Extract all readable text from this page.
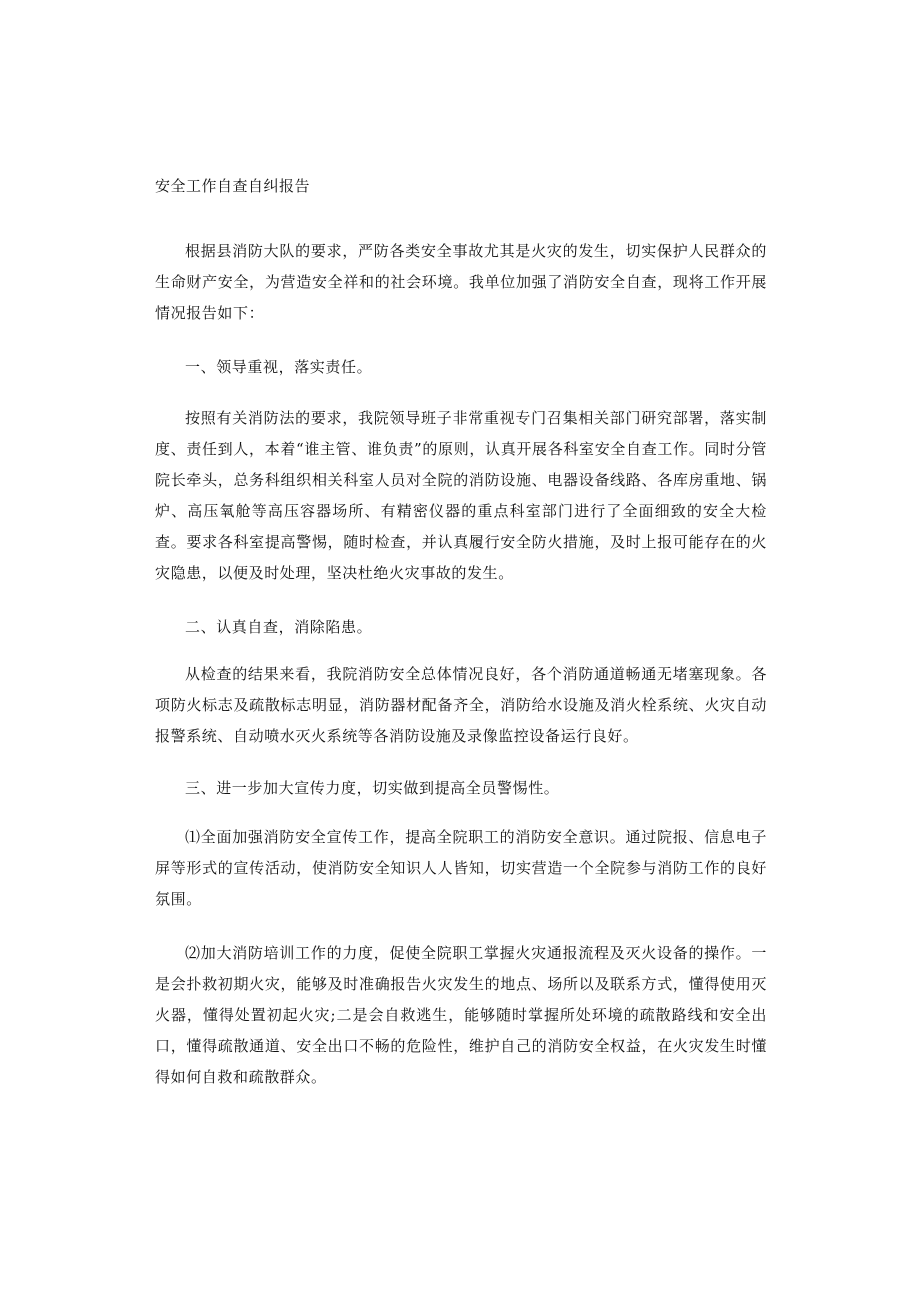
安全工作自查自纠报告

根据县消防大队的要求，严防各类安全事故尤其是火灾的发生，切实保护人民群众的生命财产安全，为营造安全祥和的社会环境。我单位加强了消防安全自查，现将工作开展情况报告如下：

一、领导重视，落实责任。

按照有关消防法的要求，我院领导班子非常重视专门召集相关部门研究部署，落实制度、责任到人，本着“谁主管、谁负责”的原则，认真开展各科室安全自查工作。同时分管院长牵头，总务科组织相关科室人员对全院的消防设施、电器设备线路、各库房重地、锅炉、高压氧舱等高压容器场所、有精密仪器的重点科室部门进行了全面细致的安全大检查。要求各科室提高警惕，随时检查，并认真履行安全防火措施，及时上报可能存在的火灾隐患，以便及时处理，坚决杜绝火灾事故的发生。

二、认真自查，消除陷患。

从检查的结果来看，我院消防安全总体情况良好，各个消防通道畅通无堵塞现象。各项防火标志及疏散标志明显，消防器材配备齐全，消防给水设施及消火栓系统、火灾自动报警系统、自动喷水灭火系统等各消防设施及录像监控设备运行良好。

三、进一步加大宣传力度，切实做到提高全员警惕性。

⑴全面加强消防安全宣传工作，提高全院职工的消防安全意识。通过院报、信息电子屏等形式的宣传活动，使消防安全知识人人皆知，切实营造一个全院参与消防工作的良好氛围。

⑵加大消防培训工作的力度，促使全院职工掌握火灾通报流程及灭火设备的操作。一是会扑救初期火灾，能够及时准确报告火灾发生的地点、场所以及联系方式，懂得使用灭火器，懂得处置初起火灾;二是会自救逃生，能够随时掌握所处环境的疏散路线和安全出口，懂得疏散通道、安全出口不畅的危险性，维护自己的消防安全权益，在火灾发生时懂得如何自救和疏散群众。
